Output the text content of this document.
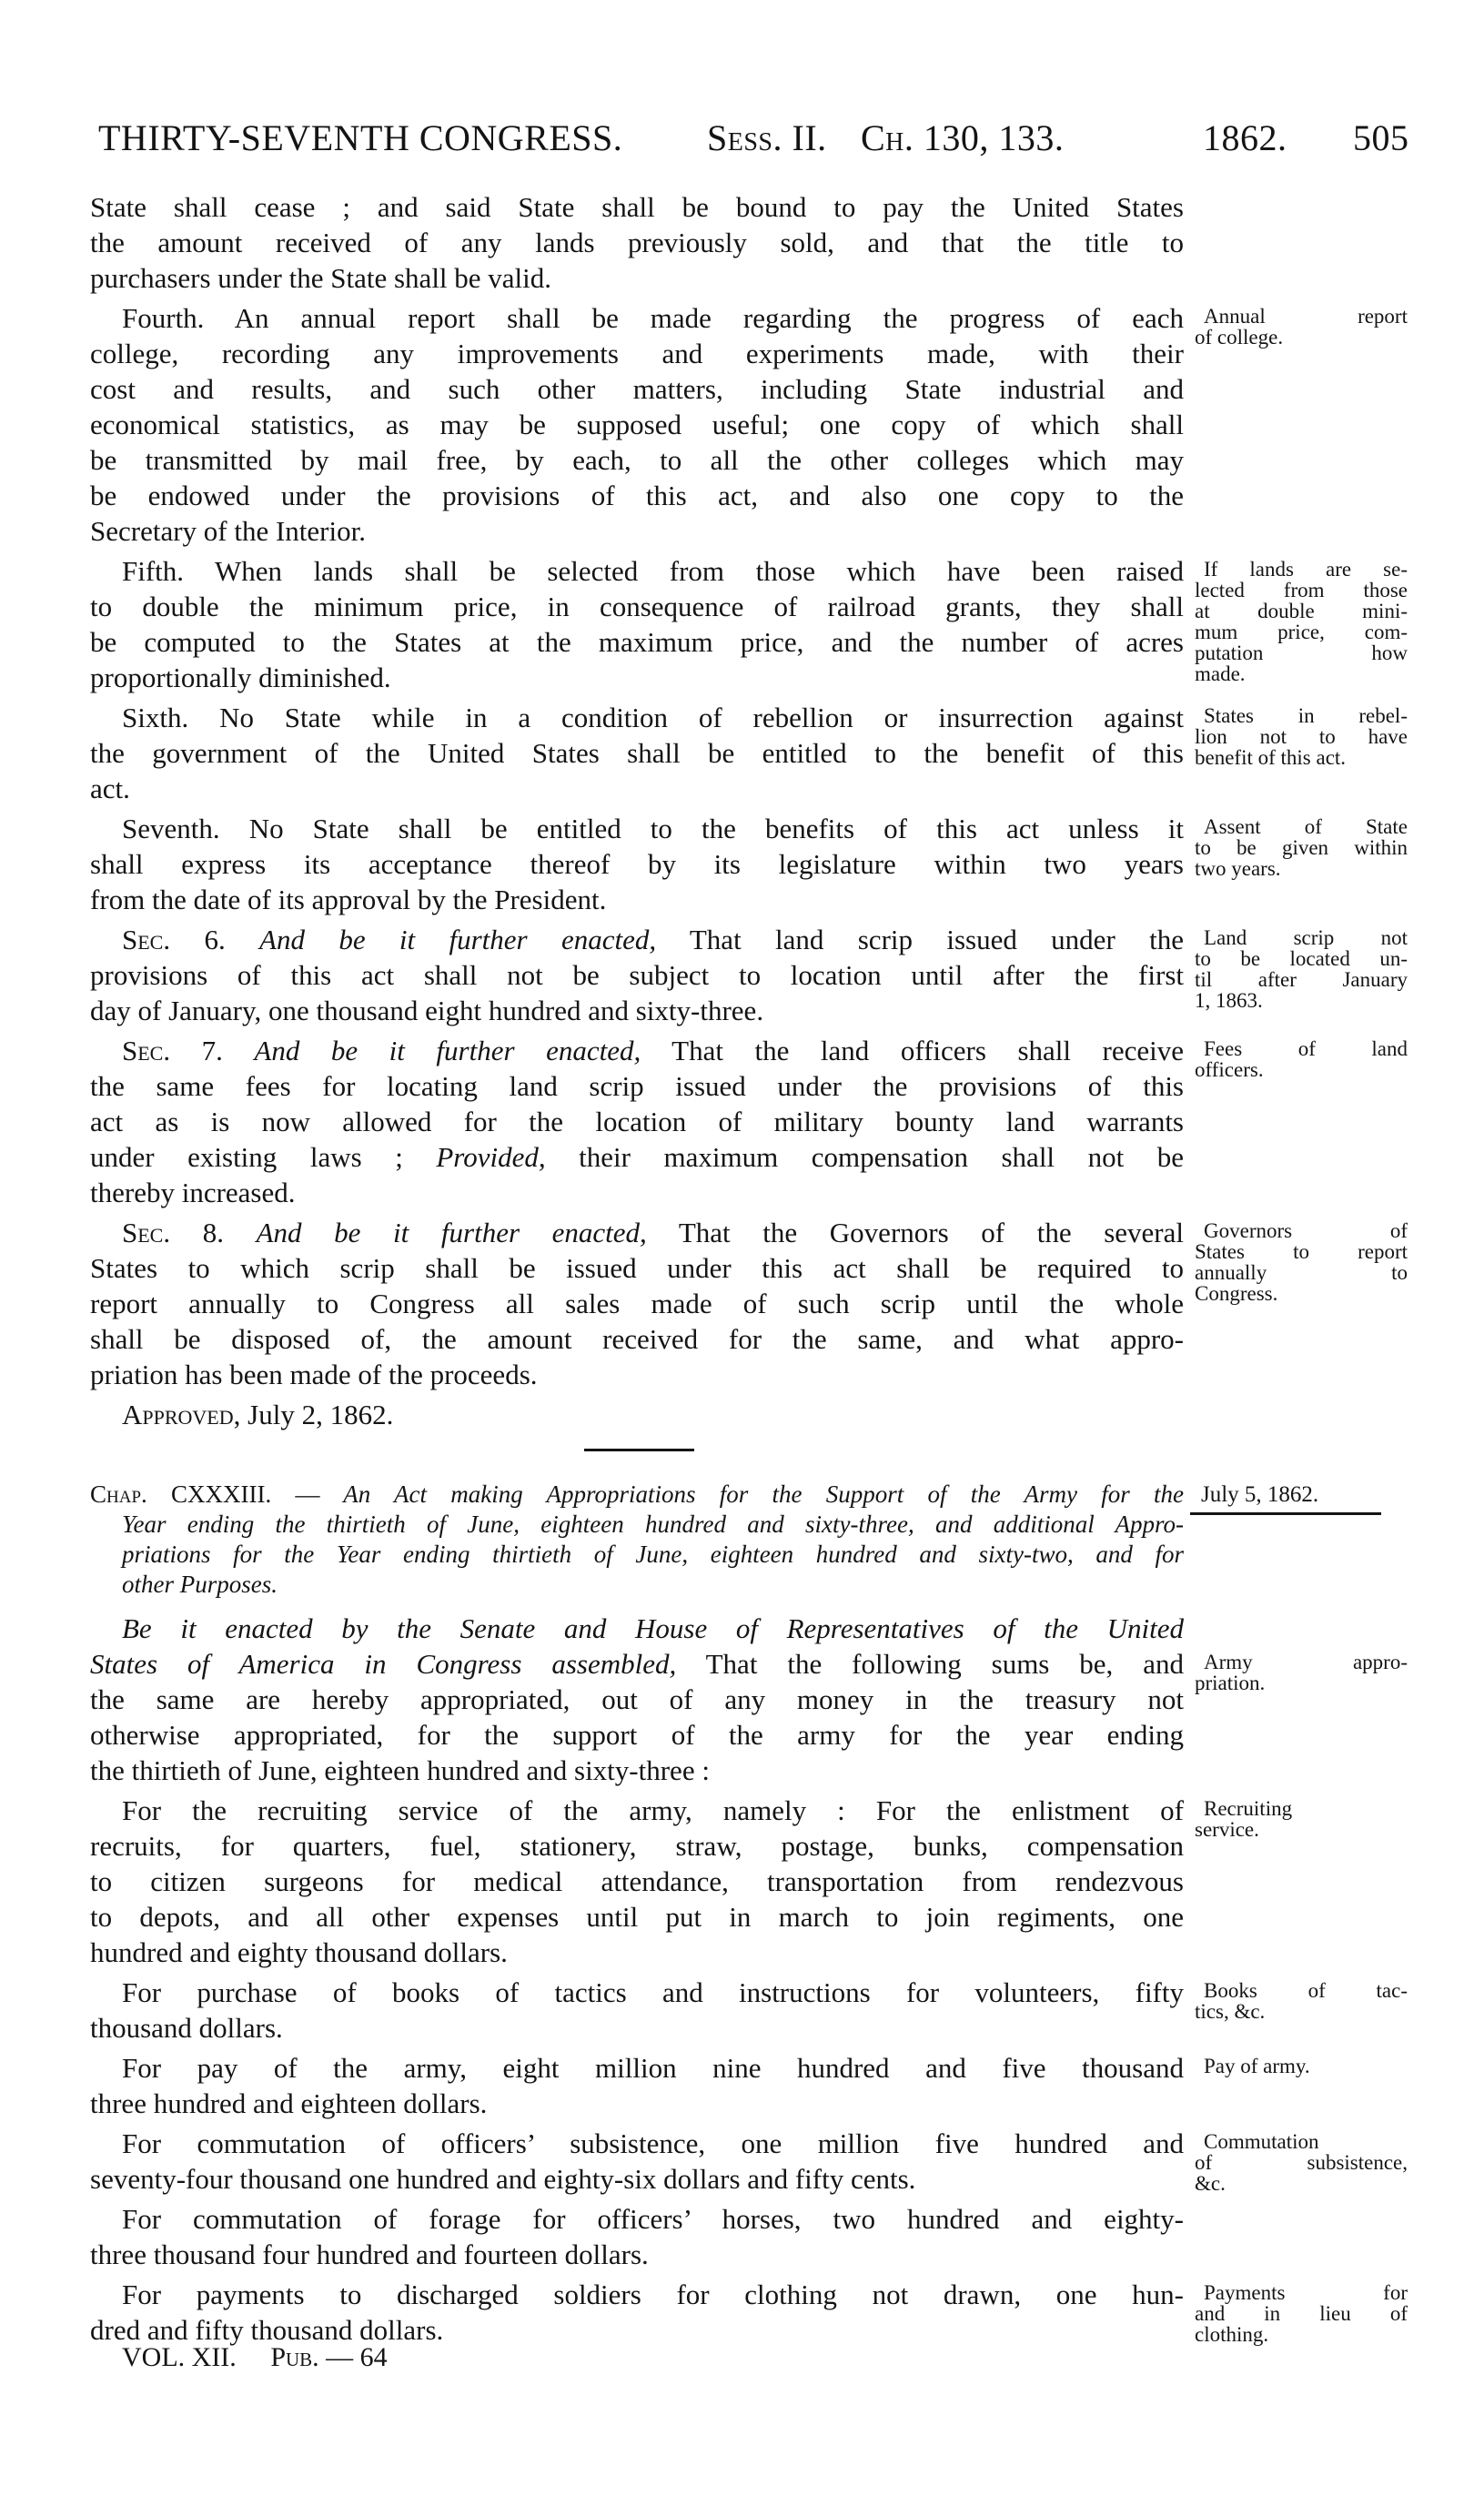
THIRTY-SEVENTH CONGRESS. Sess. II. Ch. 130, 133.	1862. 505
State shall cease ; and said State shall be bound to pay the United States
the amount received of any lands previously sold, and that the title to
purchasers under the State shall be valid.
Fourth. An annual report shall be made regarding the progress of each
college, recording any improvements and experiments made, with their
cost and results, and such other matters, including State industrial and
economical statistics, as may be supposed useful; one copy of which shall
be transmitted by mail free, by each, to all the other colleges which may
be endowed under the provisions of this act, and also one copy to the
Secretary of the Interior.
Annual report
of college.
Fifth. When lands shall be selected from those which have been raised
to double the minimum price, in consequence of railroad grants, they shall
be computed to the States at the maximum price, and the number of acres
proportionally diminished.
If lands are se-
lected from those
at double mini-
mum price, com-
putation how
made.
Sixth. No State while in a condition of rebellion or insurrection against
the government of the United States shall be entitled to the benefit of this
act.
States in rebel-
lion not to have
benefit of this act.
Seventh. No State shall be entitled to the benefits of this act unless it
shall express its acceptance thereof by its legislature within two years
from the date of its approval by the President.
Assent of State
to be given within
two years.
Sec. 6. And be it further enacted, That land scrip issued under the
provisions of this act shall not be subject to location until after the first
day of January, one thousand eight hundred and sixty-three.
Land scrip not
to be located un-
til after January
1, 1863.
Sec. 7. And be it further enacted, That the land officers shall receive
the same fees for locating land scrip issued under the provisions of this
act as is now allowed for the location of military bounty land warrants
under existing laws ; Provided, their maximum compensation shall not be
thereby increased.
Fees of land
officers.
Sec. 8. And be it further enacted, That the Governors of the several
States to which scrip shall be issued under this act shall be required to
report annually to Congress all sales made of such scrip until the whole
shall be disposed of, the amount received for the same, and what appro-
priation has been made of the proceeds.
Governors of
States to report
annually to
Congress.
Approved, July 2, 1862.
Chap. CXXXIII. — An Act making Appropriations for the Support of the Army for the
Year ending the thirtieth of June, eighteen hundred and sixty-three, and additional Appro-
priations for the Year ending thirtieth of June, eighteen hundred and sixty-two, and for
other Purposes.
July 5, 1862.
Be it enacted by the Senate and House of Representatives of the United
States of America in Congress assembled, That the following sums be, and
the same are hereby appropriated, out of any money in the treasury not
otherwise appropriated, for the support of the army for the year ending
the thirtieth of June, eighteen hundred and sixty-three :
Army appro-
priation.
For the recruiting service of the army, namely : For the enlistment of
recruits, for quarters, fuel, stationery, straw, postage, bunks, compensation
to citizen surgeons for medical attendance, transportation from rendezvous
to depots, and all other expenses until put in march to join regiments, one
hundred and eighty thousand dollars.
Recruiting
service.
For purchase of books of tactics and instructions for volunteers, fifty
thousand dollars.
Books of tac-
tics, &c.
For pay of the army, eight million nine hundred and five thousand
three hundred and eighteen dollars.
Pay of army.
For commutation of officers’ subsistence, one million five hundred and
seventy-four thousand one hundred and eighty-six dollars and fifty cents.
Commutation
of subsistence,
&c.
For commutation of forage for officers’ horses, two hundred and eighty-
three thousand four hundred and fourteen dollars.
For payments to discharged soldiers for clothing not drawn, one hun-
dred and fifty thousand dollars.
Payments for
and in lieu of
clothing.
VOL. XII. Pub. — 64
